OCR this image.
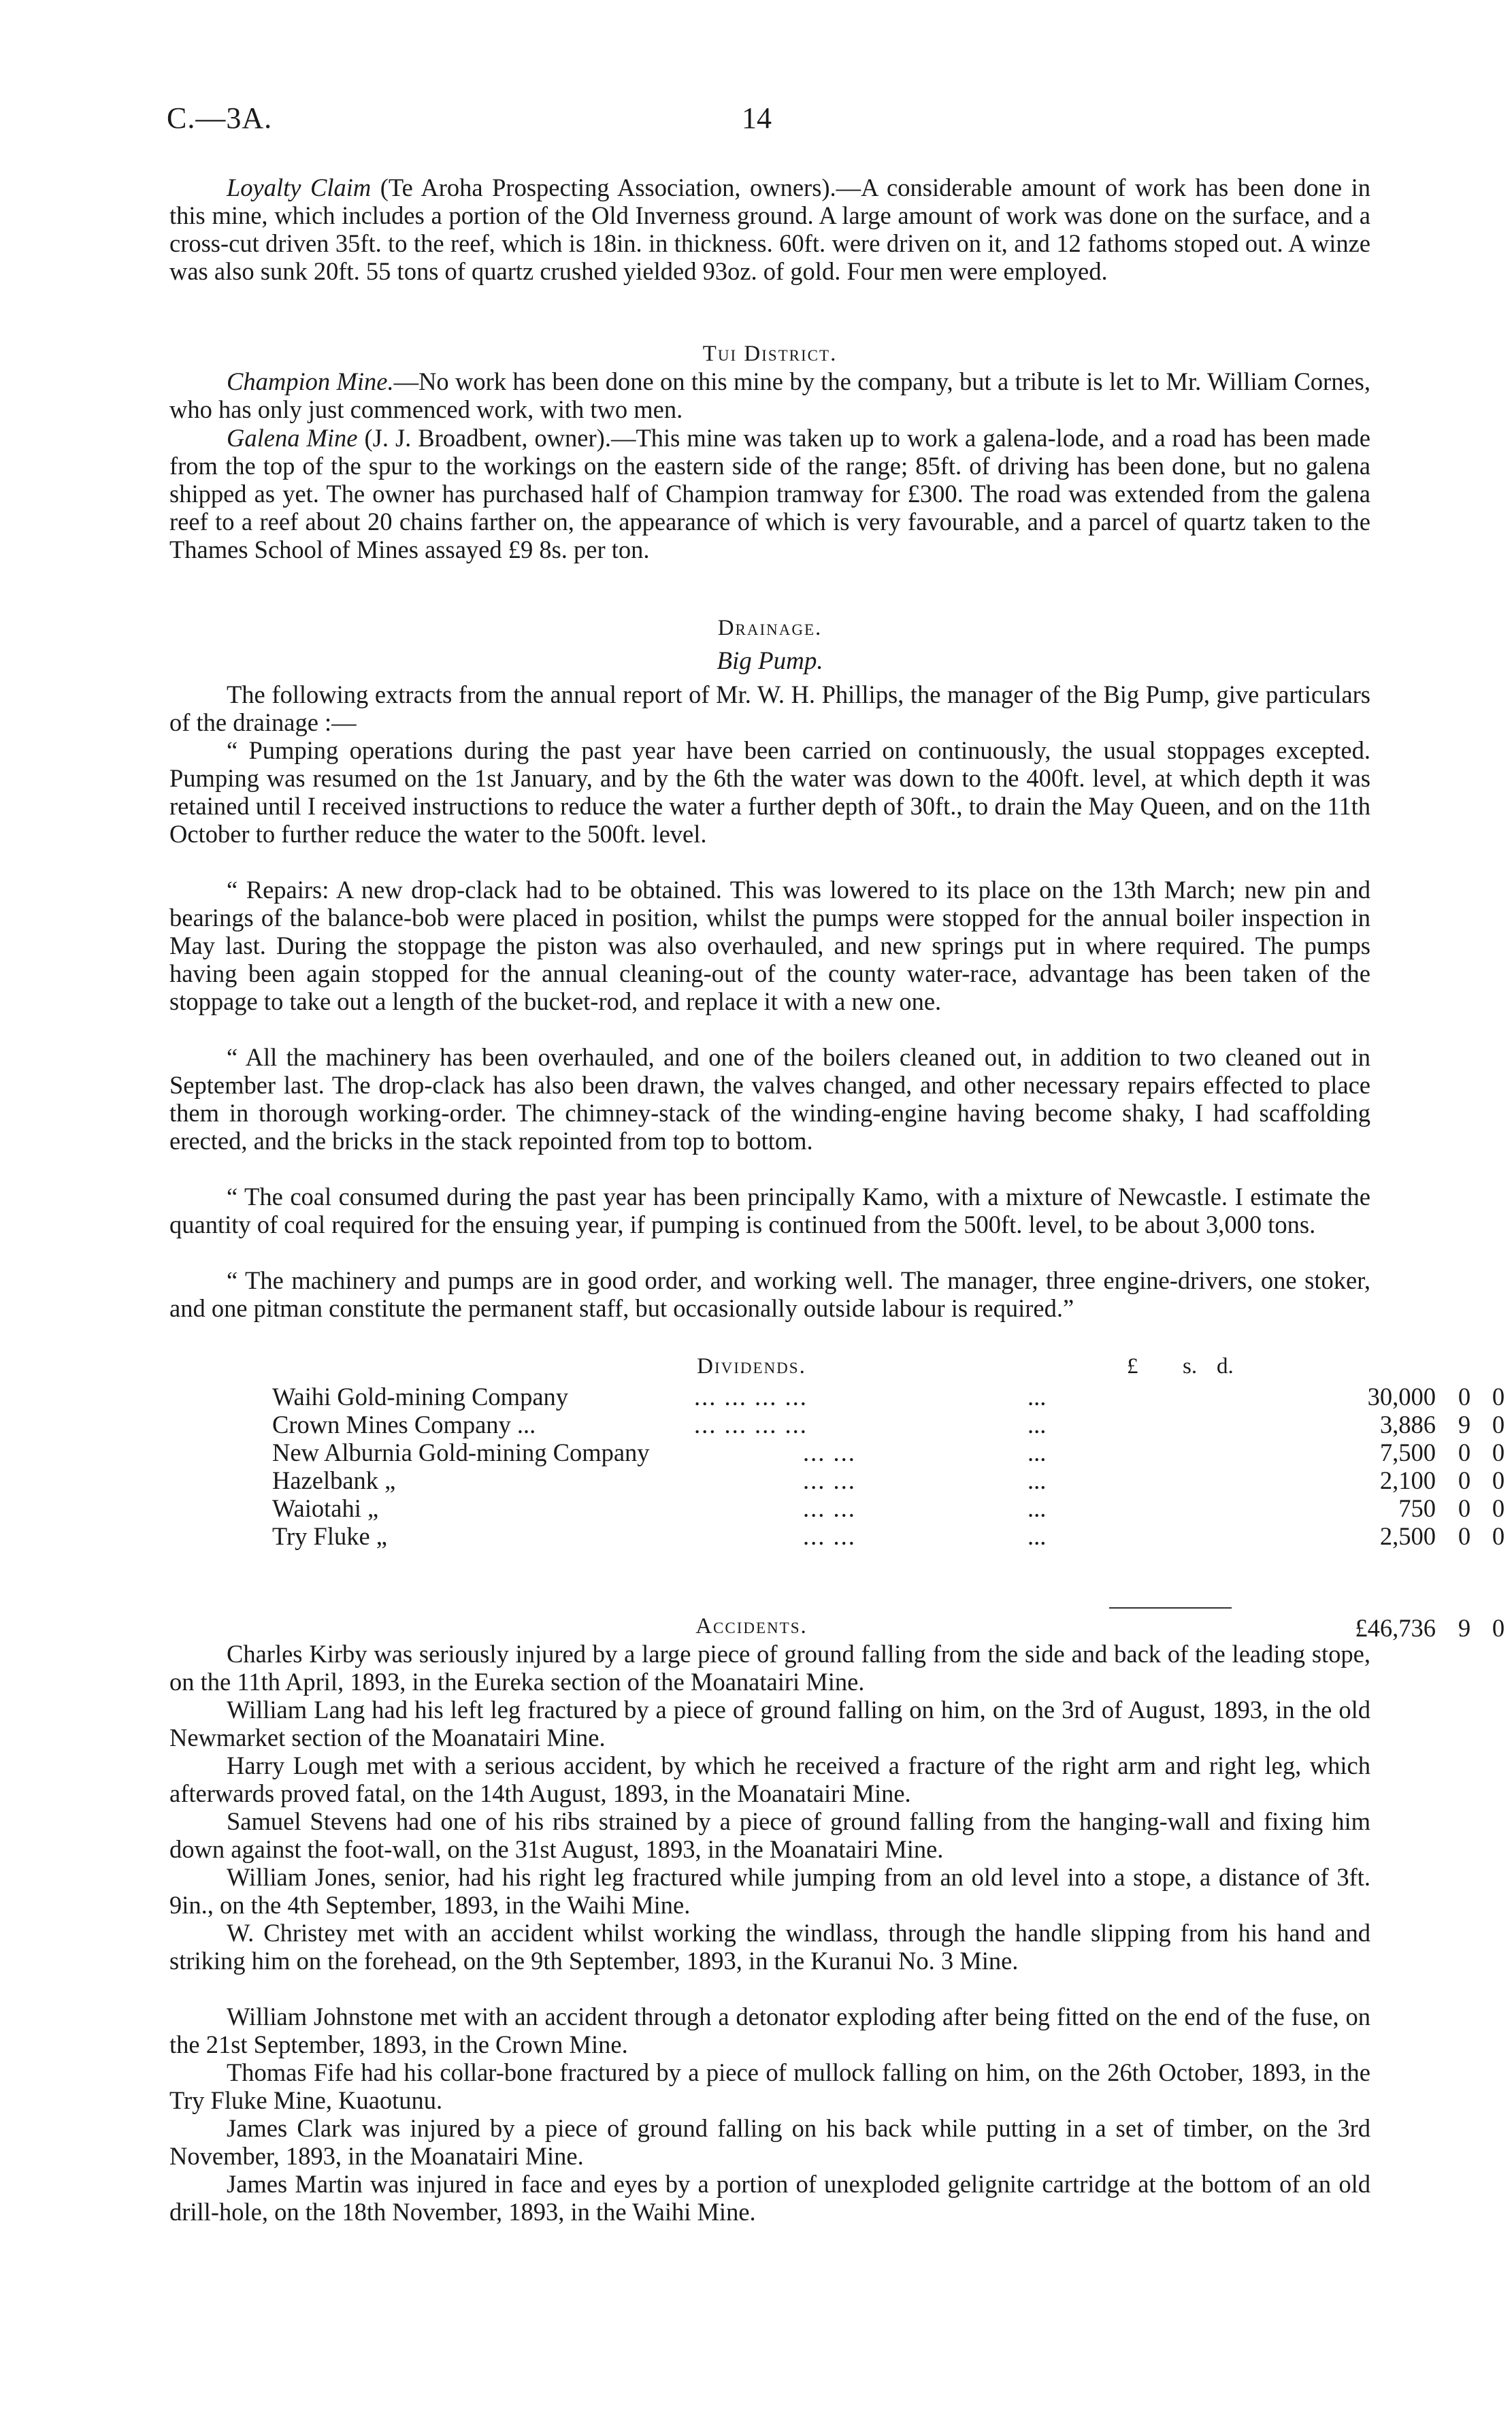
C.—3A.	14

Loyalty Claim (Te Aroha Prospecting Association, owners).—A considerable amount of work has been done in this mine, which includes a portion of the Old Inverness ground. A large amount of work was done on the surface, and a cross-cut driven 35ft. to the reef, which is 18in. in thickness. 60ft. were driven on it, and 12 fathoms stoped out. A winze was also sunk 20ft. 55 tons of quartz crushed yielded 93oz. of gold. Four men were employed.

Tui District.

Champion Mine.—No work has been done on this mine by the company, but a tribute is let to Mr. William Cornes, who has only just commenced work, with two men.

Galena Mine (J. J. Broadbent, owner).—This mine was taken up to work a galena-lode, and a road has been made from the top of the spur to the workings on the eastern side of the range; 85ft. of driving has been done, but no galena shipped as yet. The owner has purchased half of Champion tramway for £300. The road was extended from the galena reef to a reef about 20 chains farther on, the appearance of which is very favourable, and a parcel of quartz taken to the Thames School of Mines assayed £9 8s. per ton.

Drainage.
Big Pump.

The following extracts from the annual report of Mr. W. H. Phillips, the manager of the Big Pump, give particulars of the drainage :—

“ Pumping operations during the past year have been carried on continuously, the usual stoppages excepted. Pumping was resumed on the 1st January, and by the 6th the water was down to the 400ft. level, at which depth it was retained until I received instructions to reduce the water a further depth of 30ft., to drain the May Queen, and on the 11th October to further reduce the water to the 500ft. level.

“ Repairs: A new drop-clack had to be obtained. This was lowered to its place on the 13th March; new pin and bearings of the balance-bob were placed in position, whilst the pumps were stopped for the annual boiler inspection in May last. During the stoppage the piston was also overhauled, and new springs put in where required. The pumps having been again stopped for the annual cleaning-out of the county water-race, advantage has been taken of the stoppage to take out a length of the bucket-rod, and replace it with a new one.

“ All the machinery has been overhauled, and one of the boilers cleaned out, in addition to two cleaned out in September last. The drop-clack has also been drawn, the valves changed, and other necessary repairs effected to place them in thorough working-order. The chimney-stack of the winding-engine having become shaky, I had scaffolding erected, and the bricks in the stack repointed from top to bottom.

“ The coal consumed during the past year has been principally Kamo, with a mixture of Newcastle. I estimate the quantity of coal required for the ensuing year, if pumping is continued from the 500ft. level, to be about 3,000 tons.

“ The machinery and pumps are in good order, and working well. The manager, three engine-drivers, one stoker, and one pitman constitute the permanent staff, but occasionally outside labour is required.”

Dividends.	£ s. d.
Waihi Gold-mining Company	... ... ... ...	...	30,000 0 0
Crown Mines Company ...	... ... ... ...	...	3,886 9 0
New Alburnia Gold-mining Company	... ...	...	7,500 0 0
Hazelbank „	... ...	...	2,100 0 0
Waiotahi „	... ...	...	750 0 0
Try Fluke „	... ...	...	2,500 0 0
£46,736 9 0
Accidents.

Charles Kirby was seriously injured by a large piece of ground falling from the side and back of the leading stope, on the 11th April, 1893, in the Eureka section of the Moanatairi Mine.

William Lang had his left leg fractured by a piece of ground falling on him, on the 3rd of August, 1893, in the old Newmarket section of the Moanatairi Mine.

Harry Lough met with a serious accident, by which he received a fracture of the right arm and right leg, which afterwards proved fatal, on the 14th August, 1893, in the Moanatairi Mine.

Samuel Stevens had one of his ribs strained by a piece of ground falling from the hanging-wall and fixing him down against the foot-wall, on the 31st August, 1893, in the Moanatairi Mine.

William Jones, senior, had his right leg fractured while jumping from an old level into a stope, a distance of 3ft. 9in., on the 4th September, 1893, in the Waihi Mine.

W. Christey met with an accident whilst working the windlass, through the handle slipping from his hand and striking him on the forehead, on the 9th September, 1893, in the Kuranui No. 3 Mine.

William Johnstone met with an accident through a detonator exploding after being fitted on the end of the fuse, on the 21st September, 1893, in the Crown Mine.

Thomas Fife had his collar-bone fractured by a piece of mullock falling on him, on the 26th October, 1893, in the Try Fluke Mine, Kuaotunu.

James Clark was injured by a piece of ground falling on his back while putting in a set of timber, on the 3rd November, 1893, in the Moanatairi Mine.

James Martin was injured in face and eyes by a portion of unexploded gelignite cartridge at the bottom of an old drill-hole, on the 18th November, 1893, in the Waihi Mine.
